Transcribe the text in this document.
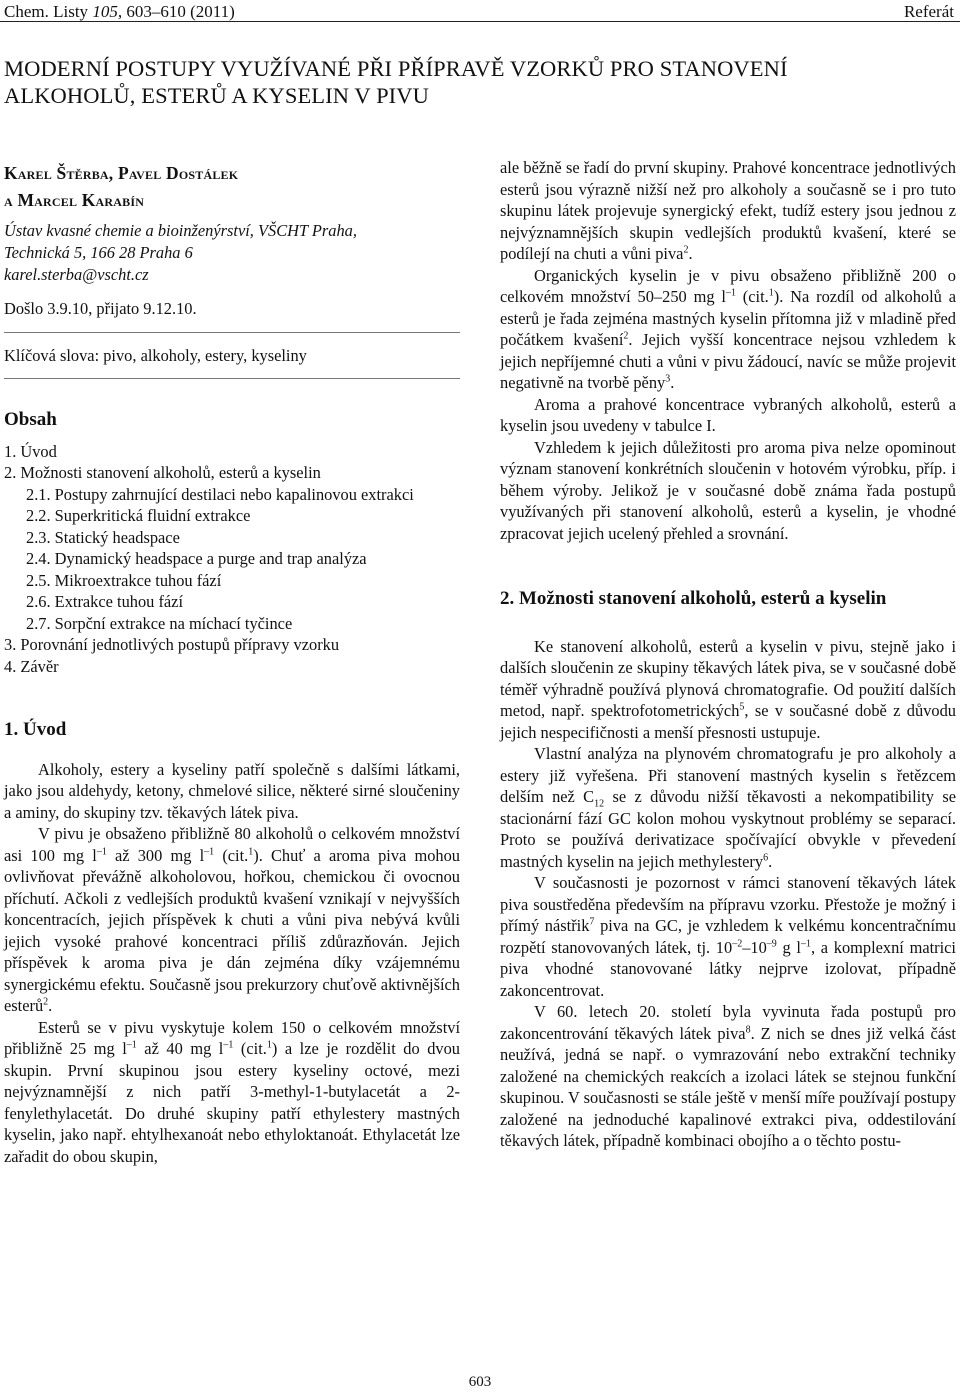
Chem. Listy 105, 603–610 (2011)	Referát
MODERNÍ POSTUPY VYUŽÍVANÉ PŘI PŘÍPRAVĚ VZORKŮ PRO STANOVENÍ
ALKOHOLŮ, ESTERŮ A KYSELIN V PIVU
Karel Štěrba, Pavel Dostálek
a Marcel Karabín
Ústav kvasné chemie a bioinženýrství, VŠCHT Praha,
Technická 5, 166 28 Praha 6
karel.sterba@vscht.cz
Došlo 3.9.10, přijato 9.12.10.
Klíčová slova: pivo, alkoholy, estery, kyseliny
Obsah
1. Úvod
2. Možnosti stanovení alkoholů, esterů a kyselin
2.1. Postupy zahrnující destilaci nebo kapalinovou extrakci
2.2. Superkritická fluidní extrakce
2.3. Statický headspace
2.4. Dynamický headspace a purge and trap analýza
2.5. Mikroextrakce tuhou fází
2.6. Extrakce tuhou fází
2.7. Sorpční extrakce na míchací tyčince
3. Porovnání jednotlivých postupů přípravy vzorku
4. Závěr
1. Úvod

Alkoholy, estery a kyseliny patří společně s dalšími látkami, jako jsou aldehydy, ketony, chmelové silice, některé sirné sloučeniny a aminy, do skupiny tzv. těkavých látek piva.

V pivu je obsaženo přibližně 80 alkoholů o celkovém množství asi 100 mg $l^{-1}$ až 300 mg $l^{-1}$ (cit.$^1$). Chuť a aroma piva mohou ovlivňovat převážně alkoholovou, hořkou, chemickou či ovocnou příchutí. Ačkoli z vedlejších produktů kvašení vznikají v nejvyšších koncentracích, jejich příspěvek k chuti a vůni piva nebývá kvůli jejich vysoké prahové koncentraci příliš zdůrazňován. Jejich příspěvek k aroma piva je dán zejména díky vzájemnému synergickému efektu. Současně jsou prekurzory chuťově aktivnějších esterů$^2$.

Esterů se v pivu vyskytuje kolem 150 o celkovém množství přibližně 25 mg $l^{-1}$ až 40 mg $l^{-1}$ (cit.$^1$) a lze je rozdělit do dvou skupin. První skupinou jsou estery kyseliny octové, mezi nejvýznamnější z nich patří 3-methyl-1-butylacetát a 2-fenylethylacetát. Do druhé skupiny patří ethylestery mastných kyselin, jako např. ehtylhexanoát nebo ethyloktanoát. Ethylacetát lze zařadit do obou skupin,

ale běžně se řadí do první skupiny. Prahové koncentrace jednotlivých esterů jsou výrazně nižší než pro alkoholy a současně se i pro tuto skupinu látek projevuje synergický efekt, tudíž estery jsou jednou z nejvýznamnějších skupin vedlejších produktů kvašení, které se podílejí na chuti a vůni piva$^2$.

Organických kyselin je v pivu obsaženo přibližně 200 o celkovém množství 50–250 mg $l^{-1}$ (cit.$^1$). Na rozdíl od alkoholů a esterů je řada zejména mastných kyselin přítomna již v mladině před počátkem kvašení$^2$. Jejich vyšší koncentrace nejsou vzhledem k jejich nepříjemné chuti a vůni v pivu žádoucí, navíc se může projevit negativně na tvorbě pěny$^3$.

Aroma a prahové koncentrace vybraných alkoholů, esterů a kyselin jsou uvedeny v tabulce I.

Vzhledem k jejich důležitosti pro aroma piva nelze opominout význam stanovení konkrétních sloučenin v hotovém výrobku, příp. i během výroby. Jelikož je v současné době známa řada postupů využívaných při stanovení alkoholů, esterů a kyselin, je vhodné zpracovat jejich ucelený přehled a srovnání.

2. Možnosti stanovení alkoholů, esterů a kyselin

Ke stanovení alkoholů, esterů a kyselin v pivu, stejně jako i dalších sloučenin ze skupiny těkavých látek piva, se v současné době téměř výhradně používá plynová chromatografie. Od použití dalších metod, např. spektrofotometrických$^5$, se v současné době z důvodu jejich nespecifičnosti a menší přesnosti ustupuje.

Vlastní analýza na plynovém chromatografu je pro alkoholy a estery již vyřešena. Při stanovení mastných kyselin s řetězcem delším než $C_{12}$ se z důvodu nižší těkavosti a nekompatibility se stacionární fází GC kolon mohou vyskytnout problémy se separací. Proto se používá derivatizace spočívající obvykle v převedení mastných kyselin na jejich methylestery$^6$.

V současnosti je pozornost v rámci stanovení těkavých látek piva soustředěna především na přípravu vzorku. Přestože je možný i přímý nástřik$^7$ piva na GC, je vzhledem k velkému koncentračnímu rozpětí stanovovaných látek, tj. $10^{-2}-10^{-9}$ g $l^{-1}$, a komplexní matrici piva vhodné stanovované látky nejprve izolovat, případně zakoncentrovat.

V 60. letech 20. století byla vyvinuta řada postupů pro zakoncentrování těkavých látek piva$^8$. Z nich se dnes již velká část neužívá, jedná se např. o vymrazování nebo extrakční techniky založené na chemických reakcích a izolaci látek se stejnou funkční skupinou. V současnosti se stále ještě v menší míře používají postupy založené na jednoduché kapalinové extrakci piva, oddestilování těkavých látek, případně kombinaci obojího a o těchto postu-

603
